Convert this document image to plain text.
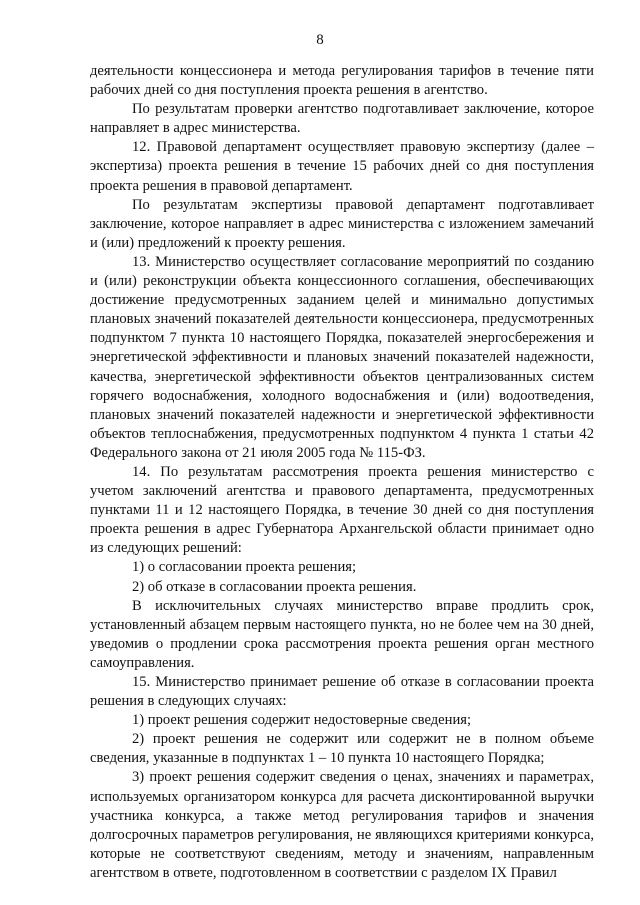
8

деятельности концессионера и метода регулирования тарифов в течение пяти рабочих дней со дня поступления проекта решения в агентство.

По результатам проверки агентство подготавливает заключение, которое направляет в адрес министерства.

12. Правовой департамент осуществляет правовую экспертизу (далее – экспертиза) проекта решения в течение 15 рабочих дней со дня поступления проекта решения в правовой департамент.

По результатам экспертизы правовой департамент подготавливает заключение, которое направляет в адрес министерства с изложением замечаний и (или) предложений к проекту решения.

13. Министерство осуществляет согласование мероприятий по созданию и (или) реконструкции объекта концессионного соглашения, обеспечивающих достижение предусмотренных заданием целей и минимально допустимых плановых значений показателей деятельности концессионера, предусмотренных подпунктом 7 пункта 10 настоящего Порядка, показателей энергосбережения и энергетической эффективности и плановых значений показателей надежности, качества, энергетической эффективности объектов централизованных систем горячего водоснабжения, холодного водоснабжения и (или) водоотведения, плановых значений показателей надежности и энергетической эффективности объектов теплоснабжения, предусмотренных подпунктом 4 пункта 1 статьи 42 Федерального закона от 21 июля 2005 года № 115-ФЗ.

14. По результатам рассмотрения проекта решения министерство с учетом заключений агентства и правового департамента, предусмотренных пунктами 11 и 12 настоящего Порядка, в течение 30 дней со дня поступления проекта решения в адрес Губернатора Архангельской области принимает одно из следующих решений:

1) о согласовании проекта решения;

2) об отказе в согласовании проекта решения.

В исключительных случаях министерство вправе продлить срок, установленный абзацем первым настоящего пункта, но не более чем на 30 дней, уведомив о продлении срока рассмотрения проекта решения орган местного самоуправления.

15. Министерство принимает решение об отказе в согласовании проекта решения в следующих случаях:

1) проект решения содержит недостоверные сведения;

2) проект решения не содержит или содержит не в полном объеме сведения, указанные в подпунктах 1 – 10 пункта 10 настоящего Порядка;

3) проект решения содержит сведения о ценах, значениях и параметрах, используемых организатором конкурса для расчета дисконтированной выручки участника конкурса, а также метод регулирования тарифов и значения долгосрочных параметров регулирования, не являющихся критериями конкурса, которые не соответствуют сведениям, методу и значениям, направленным агентством в ответе, подготовленном в соответствии с разделом IX Правил
